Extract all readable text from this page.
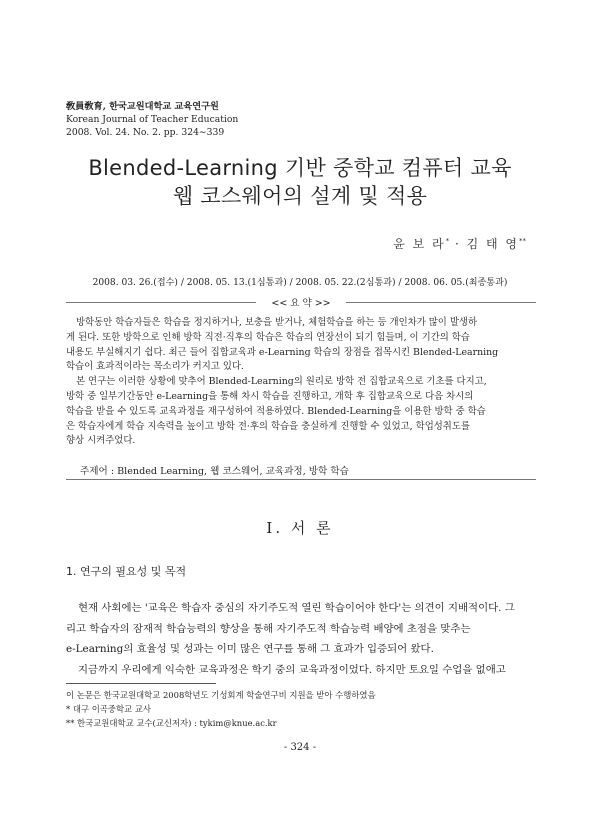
敎員敎育, 한국교원대학교 교육연구원
Korean Journal of Teacher Education
2008. Vol. 24. No. 2. pp. 324∼339
Blended-Learning 기반 중학교 컴퓨터 교육
웹 코스웨어의 설계 및 적용
윤 보 라* · 김 태 영**
2008. 03. 26.(접수) / 2008. 05. 13.(1심통과) / 2008. 05. 22.(2심통과) / 2008. 06. 05.(최종통과)
<< 요 약 >>
방학동안 학습자들은 학습을 정지하거나, 보충을 받거나, 체험학습을 하는 등 개인차가 많이 발생하
게 된다. 또한 방학으로 인해 방학 직전·직후의 학습은 학습의 연장선이 되기 힘들며, 이 기간의 학습
내용도 부실해지기 쉽다. 최근 들어 집합교육과 e-Learning 학습의 장점을 접목시킨 Blended-Learning
학습이 효과적이라는 목소리가 커지고 있다.
본 연구는 이러한 상황에 맞추어 Blended-Learning의 원리로 방학 전 집합교육으로 기초를 다지고,
방학 중 일부기간동안 e-Learning을 통해 차시 학습을 진행하고, 개학 후 집합교육으로 다음 차시의
학습을 받을 수 있도록 교육과정을 재구성하여 적용하였다. Blended-Learning을 이용한 방학 중 학습
은 학습자에게 학습 지속력을 높이고 방학 전·후의 학습을 충실하게 진행할 수 있었고, 학업성취도를
향상 시켜주었다.
주제어 : Blended Learning, 웹 코스웨어, 교육과정, 방학 학습
Ⅰ. 서 론
1. 연구의 필요성 및 목적
현재 사회에는 '교육은 학습자 중심의 자기주도적 열린 학습이어야 한다'는 의견이 지배적이다. 그
리고 학습자의 잠재적 학습능력의 향상을 통해 자기주도적 학습능력 배양에 초점을 맞추는
e-Learning의 효율성 및 성과는 이미 많은 연구를 통해 그 효과가 입증되어 왔다.
지금까지 우리에게 익숙한 교육과정은 학기 중의 교육과정이었다. 하지만 토요일 수업을 없애고
이 논문은 한국교원대학교 2008학년도 기성회계 학술연구비 지원을 받아 수행하였음
* 대구 이곡중학교 교사
** 한국교원대학교 교수(교신저자) : tykim@knue.ac.kr
- 324 -
